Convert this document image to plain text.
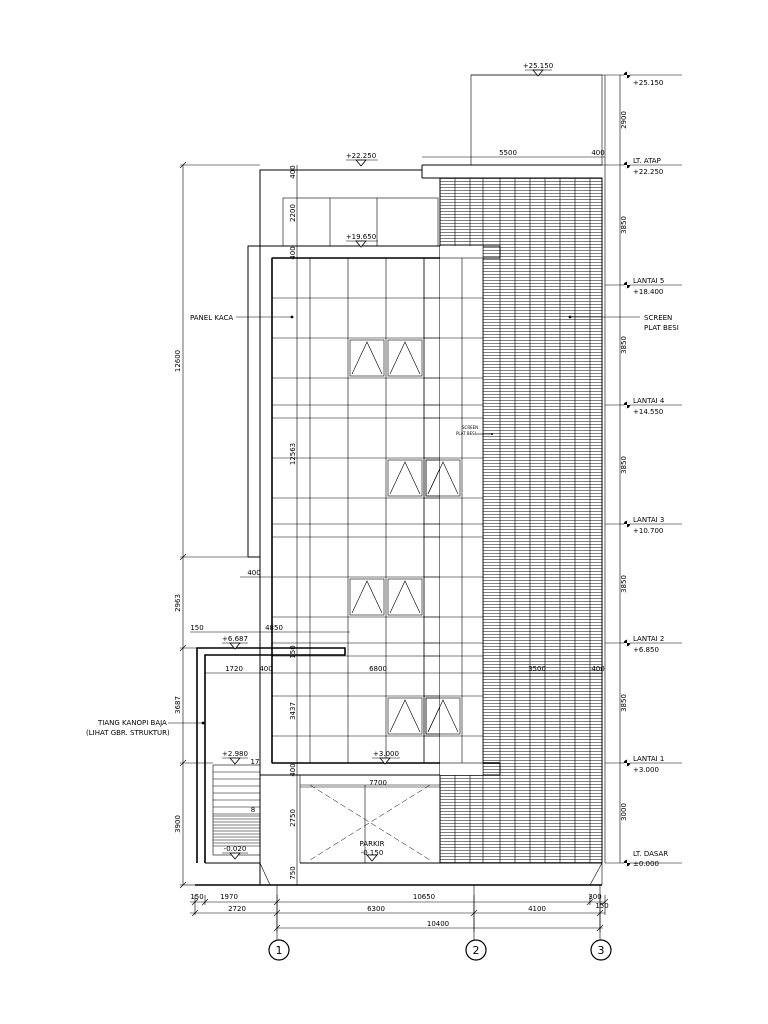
+25.150
LT. ATAP
+22.250
LANTAI 5
+18.400
LANTAI 4
+14.550
LANTAI 3
+10.700
LANTAI 2
+6.850
LANTAI 1
+3.000
LT. DASAR
±0.000
2900
3850
3850
3850
3850
3850
3000
12600
2963
3687
3900
400
2200
400
12563
150
3437
400
2750
750
5500	400
400
150	4850
1720 400	6800	3500	400
17
7700
8
+25.150
+22.250
+19.650
+6.687
+2.980	+3.000
-0.020
PARKIR
-0.150
PANEL KACA	SCREEN
PLAT BESI
SCREEN
PLAT BESI
TIANG KANOPI BAJA
(LIHAT GBR. STRUKTUR)
150 1970	10650	300
2720	6300	4100	150
10400
1	2	3
